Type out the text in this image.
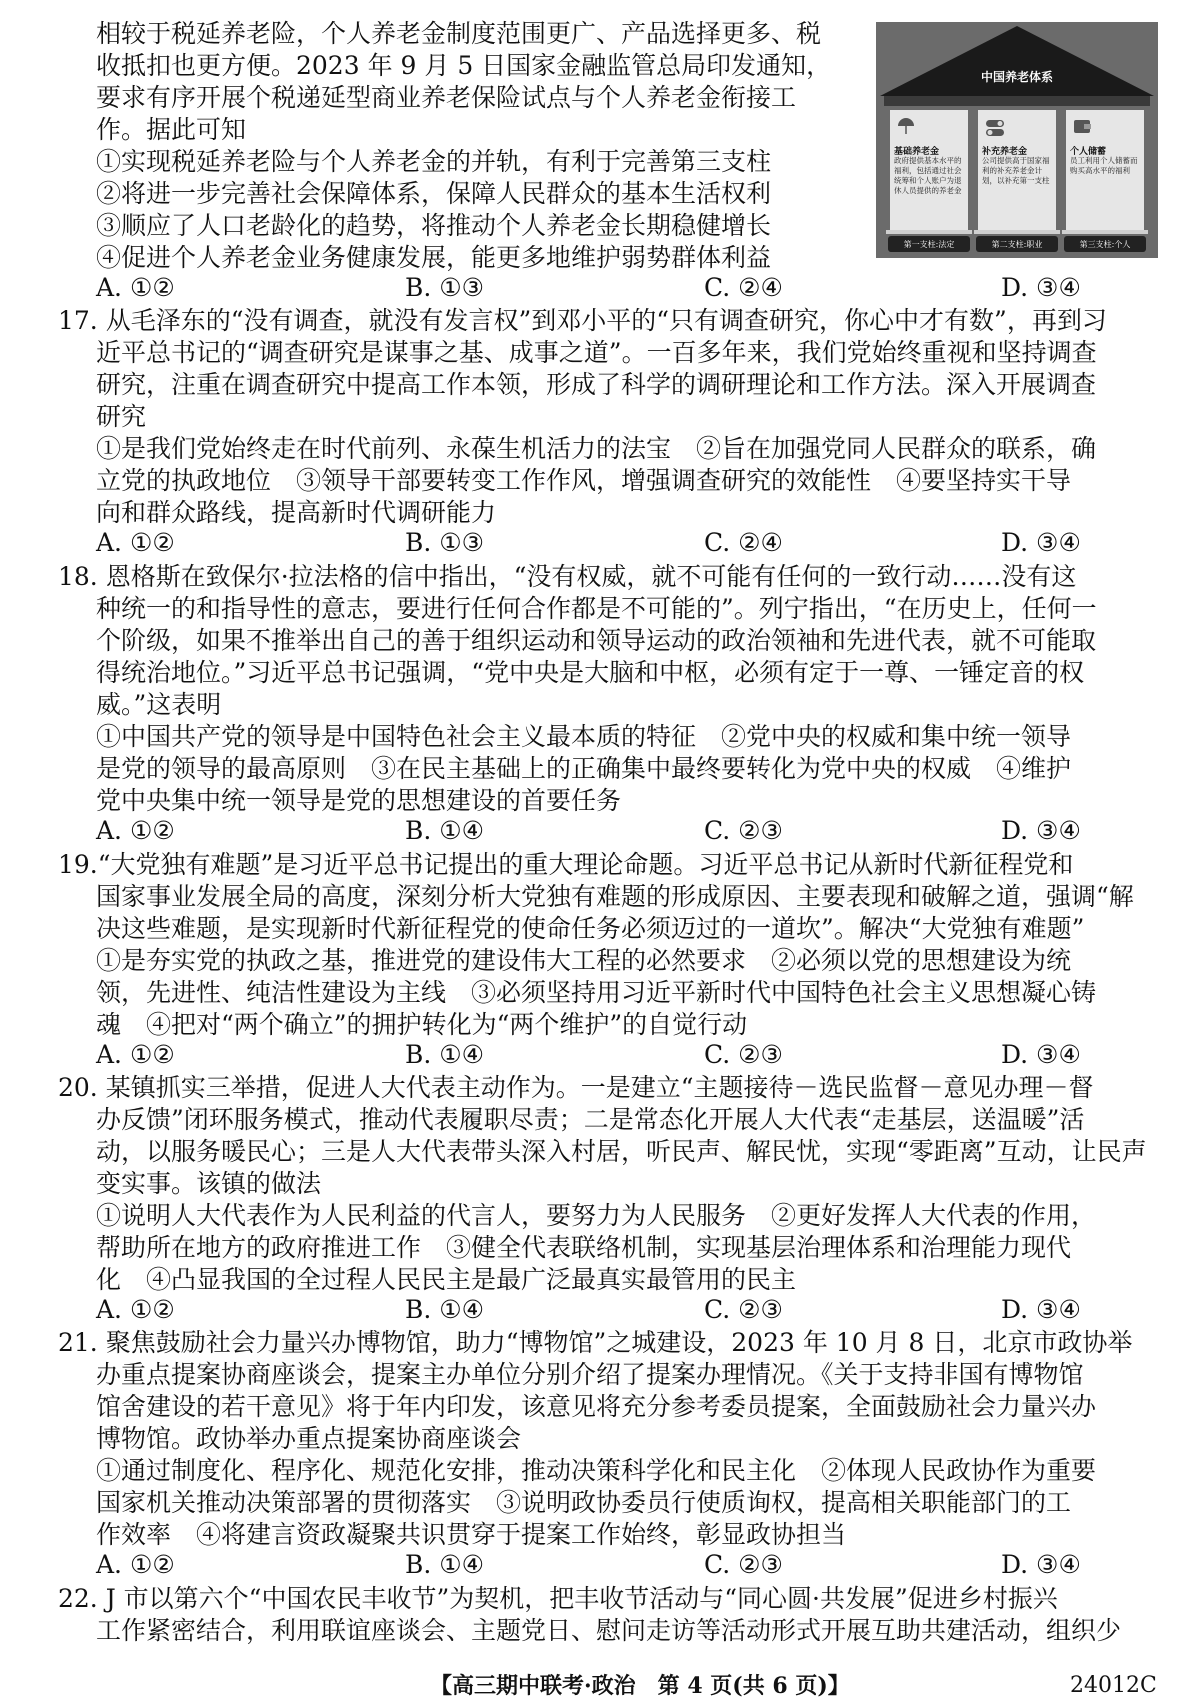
相较于税延养老险，个人养老金制度范围更广、产品选择更多、税
收抵扣也更方便。2023 年 9 月 5 日国家金融监管总局印发通知，
要求有序开展个税递延型商业养老保险试点与个人养老金衔接工
作。据此可知
①实现税延养老险与个人养老金的并轨，有利于完善第三支柱
②将进一步完善社会保障体系，保障人民群众的基本生活权利
③顺应了人口老龄化的趋势，将推动个人养老金长期稳健增长
④促进个人养老金业务健康发展，能更多地维护弱势群体利益
A. ①②	B. ①③	C. ②④	D. ③④
中国养老体系
基础养老金
政府提供基本水平的福利，包括通过社会统筹和个人账户为退休人员提供的养老金
第一支柱:法定
补充养老金
公司提供高于国家福利的补充养老金计划，以补充第一支柱
第二支柱:职业
个人储蓄
员工利用个人储蓄而购买高水平的福利
第三支柱:个人
17. 从毛泽东的“没有调查，就没有发言权”到邓小平的“只有调查研究，你心中才有数”，再到习
近平总书记的“调查研究是谋事之基、成事之道”。一百多年来，我们党始终重视和坚持调查
研究，注重在调查研究中提高工作本领，形成了科学的调研理论和工作方法。深入开展调查
研究
①是我们党始终走在时代前列、永葆生机活力的法宝　②旨在加强党同人民群众的联系，确
立党的执政地位　③领导干部要转变工作作风，增强调查研究的效能性　④要坚持实干导
向和群众路线，提高新时代调研能力
A. ①②	B. ①③	C. ②④	D. ③④
18. 恩格斯在致保尔·拉法格的信中指出，“没有权威，就不可能有任何的一致行动……没有这
种统一的和指导性的意志，要进行任何合作都是不可能的”。列宁指出，“在历史上，任何一
个阶级，如果不推举出自己的善于组织运动和领导运动的政治领袖和先进代表，就不可能取
得统治地位。”习近平总书记强调，“党中央是大脑和中枢，必须有定于一尊、一锤定音的权
威。”这表明
①中国共产党的领导是中国特色社会主义最本质的特征　②党中央的权威和集中统一领导
是党的领导的最高原则　③在民主基础上的正确集中最终要转化为党中央的权威　④维护
党中央集中统一领导是党的思想建设的首要任务
A. ①②	B. ①④	C. ②③	D. ③④
19.“大党独有难题”是习近平总书记提出的重大理论命题。习近平总书记从新时代新征程党和
国家事业发展全局的高度，深刻分析大党独有难题的形成原因、主要表现和破解之道，强调“解
决这些难题，是实现新时代新征程党的使命任务必须迈过的一道坎”。解决“大党独有难题”
①是夯实党的执政之基，推进党的建设伟大工程的必然要求　②必须以党的思想建设为统
领，先进性、纯洁性建设为主线　③必须坚持用习近平新时代中国特色社会主义思想凝心铸
魂　④把对“两个确立”的拥护转化为“两个维护”的自觉行动
A. ①②	B. ①④	C. ②③	D. ③④
20. 某镇抓实三举措，促进人大代表主动作为。一是建立“主题接待－选民监督－意见办理－督
办反馈”闭环服务模式，推动代表履职尽责；二是常态化开展人大代表“走基层，送温暖”活
动，以服务暖民心；三是人大代表带头深入村居，听民声、解民忧，实现“零距离”互动，让民声
变实事。该镇的做法
①说明人大代表作为人民利益的代言人，要努力为人民服务　②更好发挥人大代表的作用，
帮助所在地方的政府推进工作　③健全代表联络机制，实现基层治理体系和治理能力现代
化　④凸显我国的全过程人民民主是最广泛最真实最管用的民主
A. ①②	B. ①④	C. ②③	D. ③④
21. 聚焦鼓励社会力量兴办博物馆，助力“博物馆”之城建设，2023 年 10 月 8 日，北京市政协举
办重点提案协商座谈会，提案主办单位分别介绍了提案办理情况。《关于支持非国有博物馆
馆舍建设的若干意见》将于年内印发，该意见将充分参考委员提案，全面鼓励社会力量兴办
博物馆。政协举办重点提案协商座谈会
①通过制度化、程序化、规范化安排，推动决策科学化和民主化　②体现人民政协作为重要
国家机关推动决策部署的贯彻落实　③说明政协委员行使质询权，提高相关职能部门的工
作效率　④将建言资政凝聚共识贯穿于提案工作始终，彰显政协担当
A. ①②	B. ①④	C. ②③	D. ③④
22. J 市以第六个“中国农民丰收节”为契机，把丰收节活动与“同心圆·共发展”促进乡村振兴
工作紧密结合，利用联谊座谈会、主题党日、慰问走访等活动形式开展互助共建活动，组织少
【高三期中联考·政治　第 4 页(共 6 页)】	24012C
